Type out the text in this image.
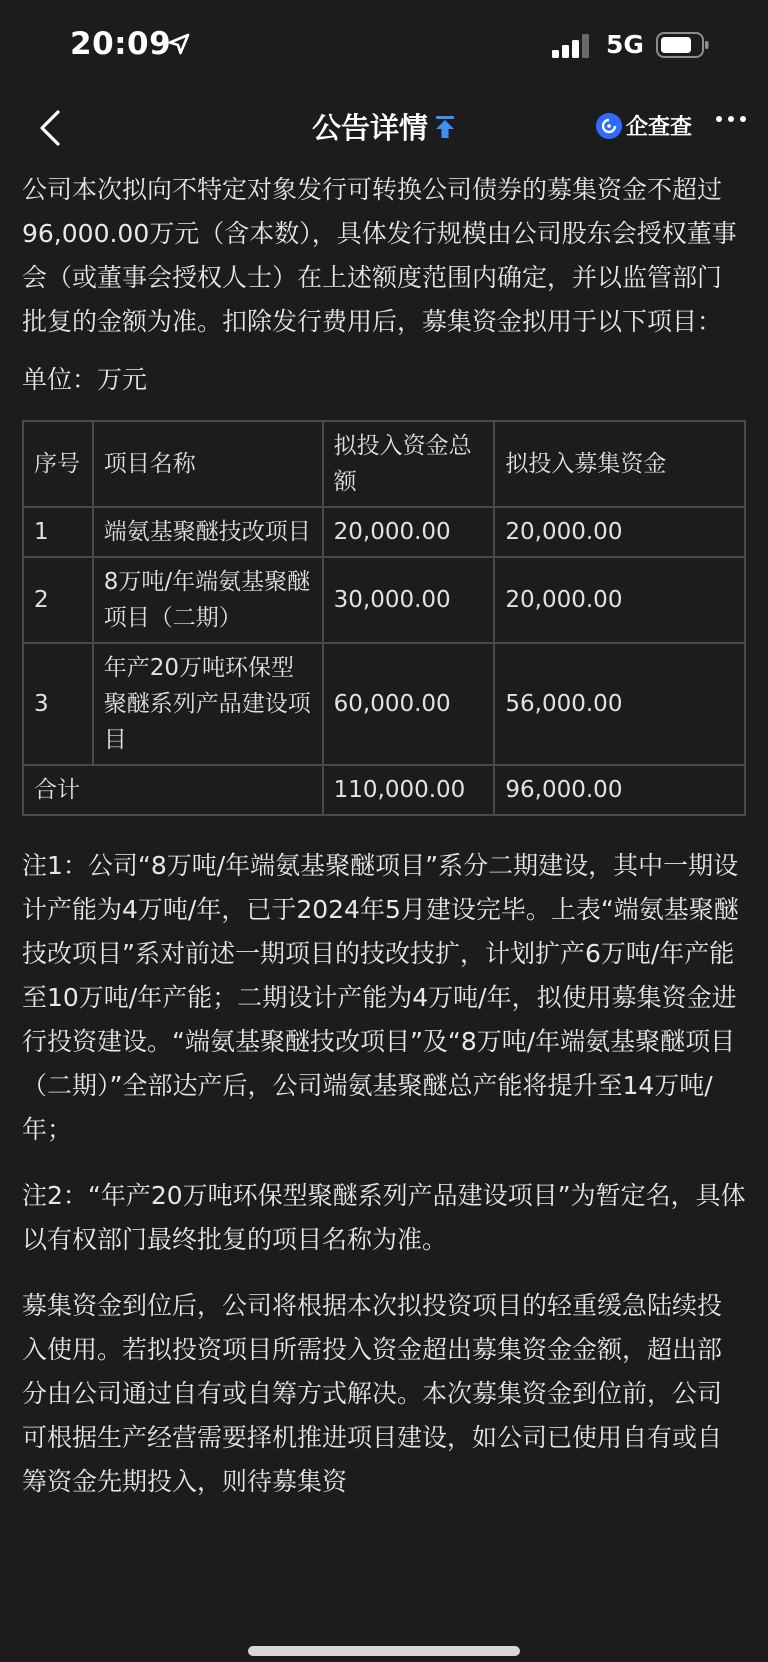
20:09	5G
公告详情	企查查

公司本次拟向不特定对象发行可转换公司债券的募集资金不超过96,000.00万元（含本数），具体发行规模由公司股东会授权董事会（或董事会授权人士）在上述额度范围内确定，并以监管部门批复的金额为准。扣除发行费用后，募集资金拟用于以下项目：

单位：万元

序号	项目名称	拟投入资金总额	拟投入募集资金
1	端氨基聚醚技改项目	20,000.00	20,000.00
2	8万吨/年端氨基聚醚项目（二期）	30,000.00	20,000.00
3	年产20万吨环保型聚醚系列产品建设项目	60,000.00	56,000.00
合计		110,000.00	96,000.00

注1：公司“8万吨/年端氨基聚醚项目”系分二期建设，其中一期设计产能为4万吨/年，已于2024年5月建设完毕。上表“端氨基聚醚技改项目”系对前述一期项目的技改技扩，计划扩产6万吨/年产能至10万吨/年产能；二期设计产能为4万吨/年，拟使用募集资金进行投资建设。“端氨基聚醚技改项目”及“8万吨/年端氨基聚醚项目（二期）”全部达产后，公司端氨基聚醚总产能将提升至14万吨/年；

注2：“年产20万吨环保型聚醚系列产品建设项目”为暂定名，具体以有权部门最终批复的项目名称为准。

募集资金到位后，公司将根据本次拟投资项目的轻重缓急陆续投入使用。若拟投资项目所需投入资金超出募集资金金额，超出部分由公司通过自有或自筹方式解决。本次募集资金到位前，公司可根据生产经营需要择机推进项目建设，如公司已使用自有或自筹资金先期投入，则待募集资
